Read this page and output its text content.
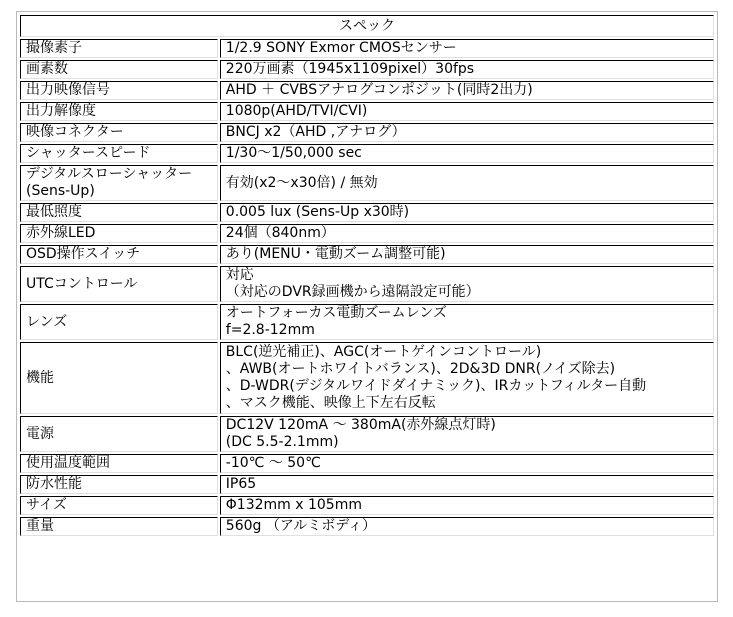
スペック	

撮像素子	1/2.9 SONY Exmor CMOSセンサー

画素数	220万画素（1945x1109pixel）30fps

出力映像信号	AHD ＋ CVBSアナログコンポジット(同時2出力)

出力解像度	1080p(AHD/TVI/CVI)

映像コネクター	BNCJ x2（AHD ,アナログ）

シャッタースピード	1/30～1/50,000 sec

デジタルスローシャッター
(Sens-Up)	有効(x2～x30倍) / 無効

最低照度	0.005 lux (Sens-Up x30時)

赤外線LED	24個（840nm）

OSD操作スイッチ	あり(MENU・電動ズーム調整可能)

UTCコントロール	対応
（対応のDVR録画機から遠隔設定可能）

レンズ	オートフォーカス電動ズームレンズ
f=2.8-12mm

機能	BLC(逆光補正)、AGC(オートゲインコントロール)
、AWB(オートホワイトバランス)、2D&3D DNR(ノイズ除去)
、D-WDR(デジタルワイドダイナミック)、IRカットフィルター自動
、マスク機能、映像上下左右反転

電源	DC12V 120mA ～ 380mA(赤外線点灯時)
(DC 5.5-2.1mm)

使用温度範囲	-10℃ ～ 50℃

防水性能	IP65

サイズ	Φ132mm x 105mm

重量	560g （アルミボディ）
